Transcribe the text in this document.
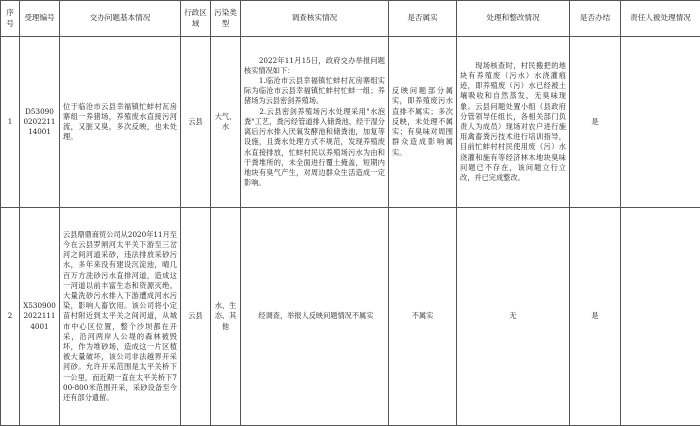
序号	受理编号	交办问题基本情况	行政区域	污染类型	调查核实情况	是否属实	处理和整改情况	是否办结	责任人被处理情况
1	D53090020221114001	位于临沧市云县幸福镇忙蚌村瓦房寨组一养猪场，养殖废水直接污河流，又脏又臭，多次反映，也未处理。	云县	大气、水	　　2022年11月15日，政府交办举报问题核实情况如下：
　　1.临沧市云县幸福镇忙蚌村瓦房寨组实际为临沧市云县幸福镇忙蚌村忙蚌一组；养猪场为云县密剑养殖场。
　　2.云县密剑养殖场污水处理采用"水泡粪"工艺，粪污经管道排入储粪池，经干湿分离后污水排入厌氧发酵池和储粪池，加复等设施，且粪水处理方式不规范，发现养殖废水直接排放，忙蚌村民以养殖场污水为由和干粪堆所的，未全面进行覆土掩盖，短期内地块有臭气产生，对周边群众生活造成一定影响。	反映问题部分属实，即养殖废污水直排不属实；多次反映，未处理不属实；有臭味对周围群众造成影响属实。	　　现场核查时，村民搬把的地块有养殖废（污水）水浇灌痕迹，即养殖废（污）水已经被土壤吸收和自然蒸发，无臭味现象。云县问题处置小组（县政府分管领导任组长，各相关部门负责人为成员）现场对农户进行施用禽畜粪污技术进行培训指导，目前忙蚌村村民使用废（污）水浇灌和施有等经济林木地块臭味问题已不存在，该问题立行立改，并已完成整改。	是	
2	X53090020221114001	云县鼎鼎商贸公司从2020年11月至今在云县罗闸河太平关下游至三岔河之间河道采砂，违法排放采砂污水，多年来没有建设沉淀池，晴几百万方洗砂污水直排河道，造成这一河道以前丰富生态和资源灭绝。大量洗砂污水排入下游遭成河水污染，影响人畜饮用。该公司将小定苗村附近到太平关之间河道，从城市中心区位置，整个沙坝都在开采，沿河两岸人公堤的森林被毁坏，作为堆砂场，造成这一片区植被大量破坏，该公司非法越界开采河砂。允许开采范围是太平关桥下一公里，而近期一直在太平关桥下700-800米范围开采，采砂设备至今还有部分遗留。	云县	水、生态、其他	　　经调查，举报人反映问题情况不属实	不属实	无	是	
